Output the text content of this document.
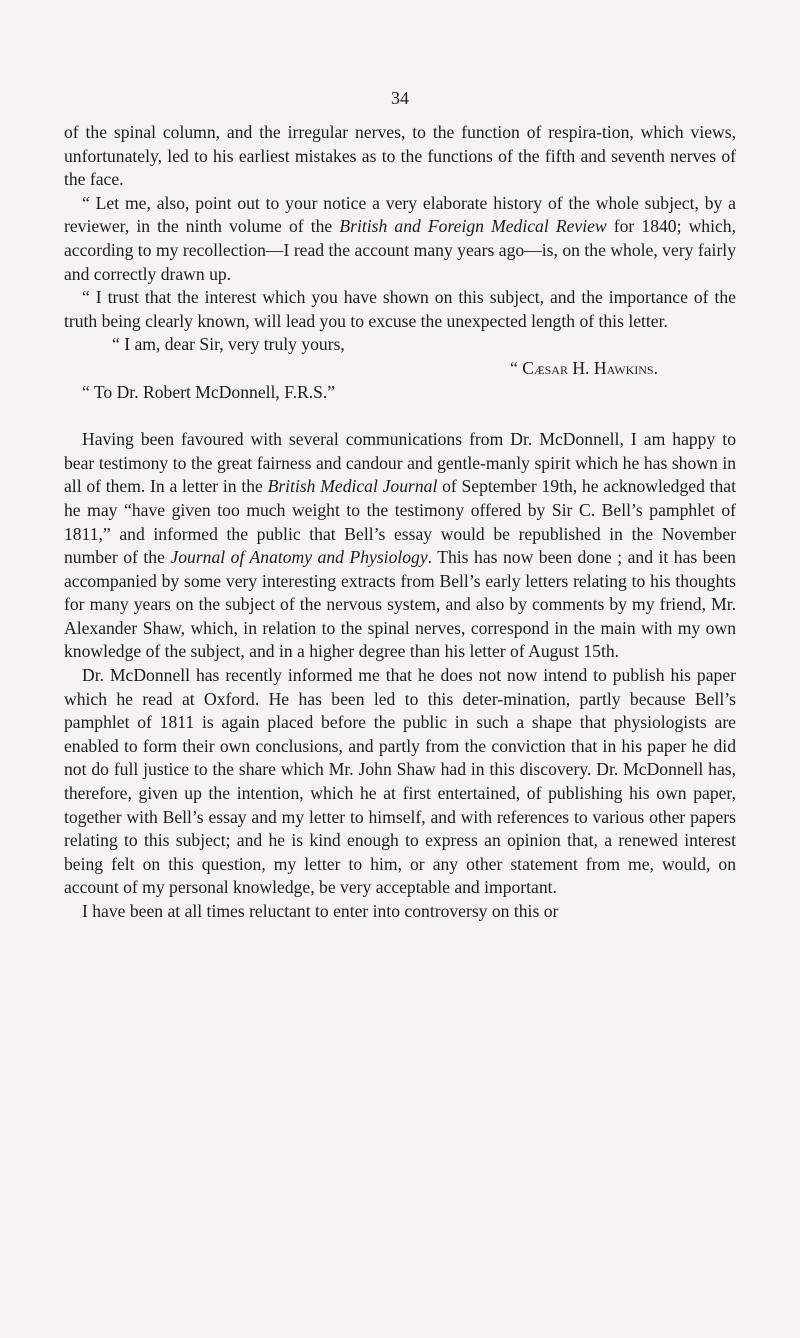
34

of the spinal column, and the irregular nerves, to the function of respira-tion, which views, unfortunately, led to his earliest mistakes as to the functions of the fifth and seventh nerves of the face.

“ Let me, also, point out to your notice a very elaborate history of the whole subject, by a reviewer, in the ninth volume of the British and Foreign Medical Review for 1840; which, according to my recollection—I read the account many years ago—is, on the whole, very fairly and correctly drawn up.

“ I trust that the interest which you have shown on this subject, and the importance of the truth being clearly known, will lead you to excuse the unexpected length of this letter.

“ I am, dear Sir, very truly yours,

“ Cæsar H. Hawkins.

“ To Dr. Robert McDonnell, F.R.S.”

Having been favoured with several communications from Dr. McDonnell, I am happy to bear testimony to the great fairness and candour and gentle-manly spirit which he has shown in all of them. In a letter in the British Medical Journal of September 19th, he acknowledged that he may “have given too much weight to the testimony offered by Sir C. Bell’s pamphlet of 1811,” and informed the public that Bell’s essay would be republished in the November number of the Journal of Anatomy and Physiology. This has now been done ; and it has been accompanied by some very interesting extracts from Bell’s early letters relating to his thoughts for many years on the subject of the nervous system, and also by comments by my friend, Mr. Alexander Shaw, which, in relation to the spinal nerves, correspond in the main with my own knowledge of the subject, and in a higher degree than his letter of August 15th.

Dr. McDonnell has recently informed me that he does not now intend to publish his paper which he read at Oxford. He has been led to this deter-mination, partly because Bell’s pamphlet of 1811 is again placed before the public in such a shape that physiologists are enabled to form their own conclusions, and partly from the conviction that in his paper he did not do full justice to the share which Mr. John Shaw had in this discovery. Dr. McDonnell has, therefore, given up the intention, which he at first entertained, of publishing his own paper, together with Bell’s essay and my letter to himself, and with references to various other papers relating to this subject; and he is kind enough to express an opinion that, a renewed interest being felt on this question, my letter to him, or any other statement from me, would, on account of my personal knowledge, be very acceptable and important.

I have been at all times reluctant to enter into controversy on this or
